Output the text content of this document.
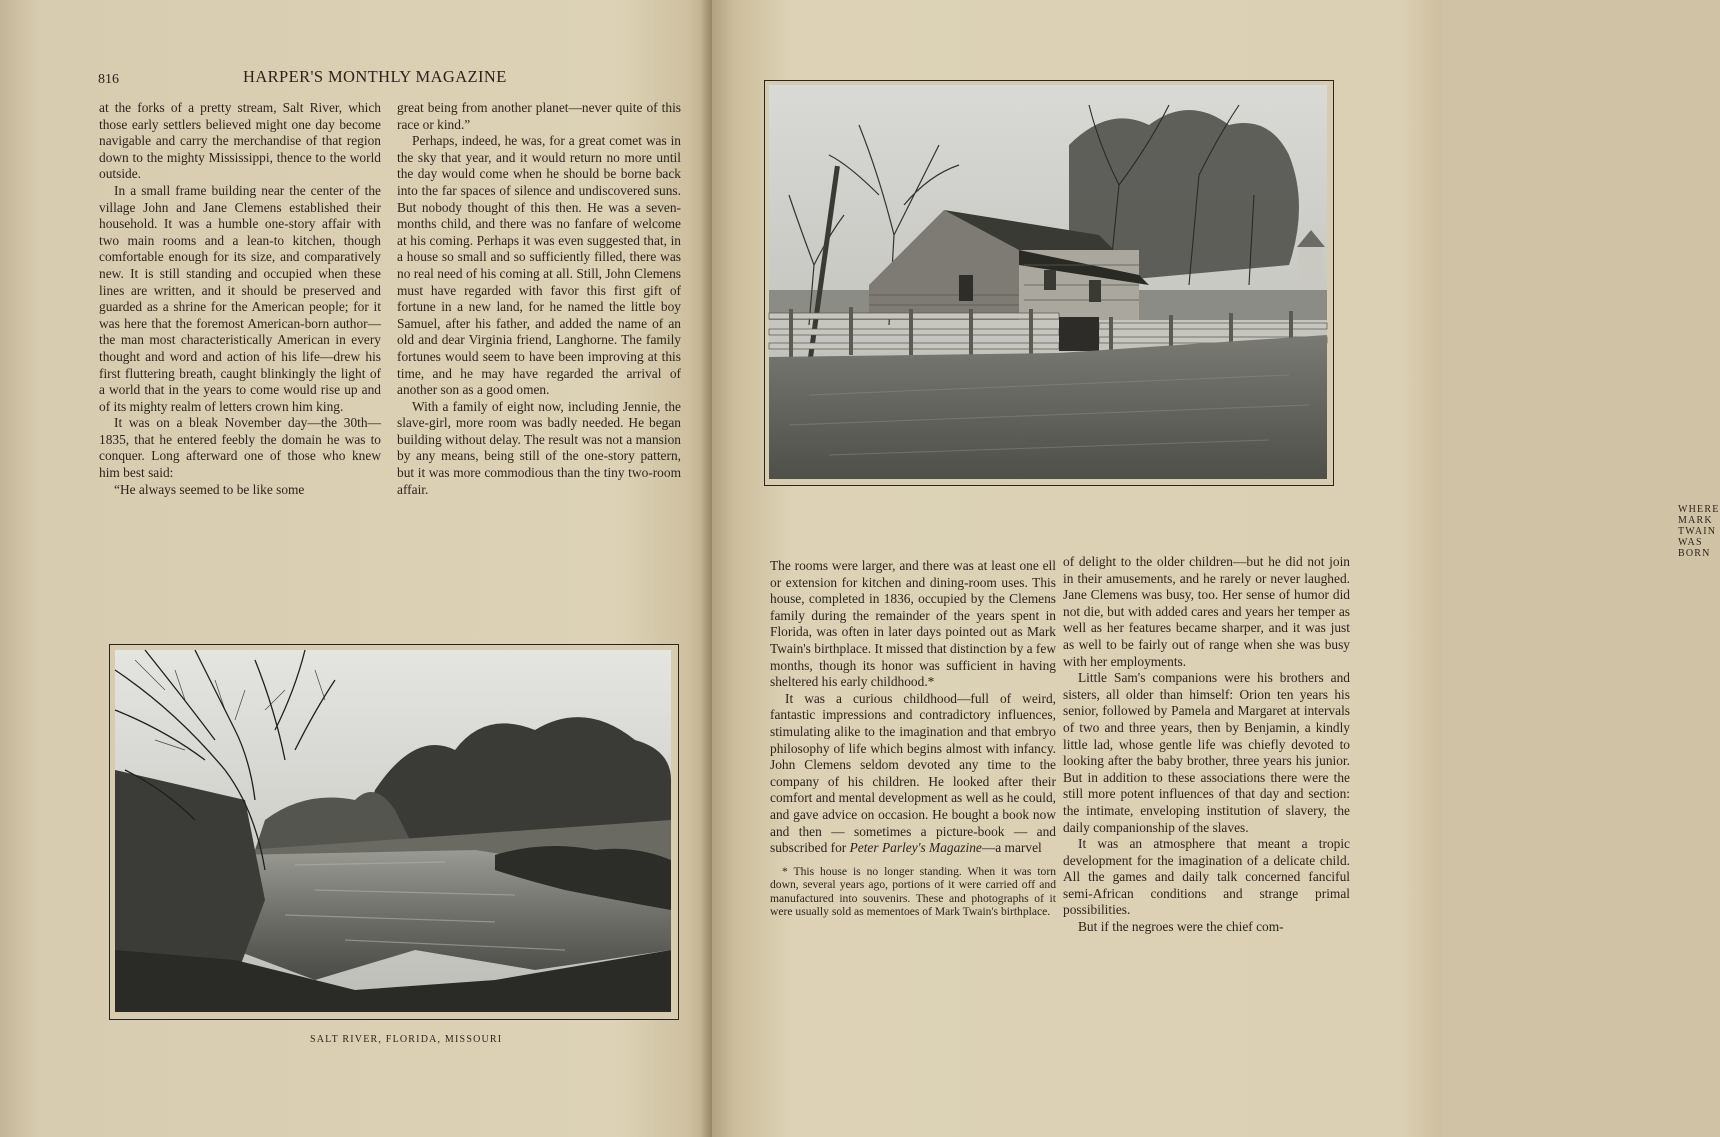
816	HARPER'S MONTHLY MAGAZINE

at the forks of a pretty stream, Salt River, which those early settlers believed might one day become navigable and carry the merchandise of that region down to the mighty Mississippi, thence to the world outside.

In a small frame building near the center of the village John and Jane Clemens established their household. It was a humble one-story affair with two main rooms and a lean-to kitchen, though comfortable enough for its size, and comparatively new. It is still standing and occupied when these lines are written, and it should be preserved and guarded as a shrine for the American people; for it was here that the foremost American-born author—the man most characteristically American in every thought and word and action of his life—drew his first fluttering breath, caught blinkingly the light of a world that in the years to come would rise up and of its mighty realm of letters crown him king.

It was on a bleak November day—the 30th—1835, that he entered feebly the domain he was to conquer. Long afterward one of those who knew him best said:

“He always seemed to be like some

great being from another planet—never quite of this race or kind.”

Perhaps, indeed, he was, for a great comet was in the sky that year, and it would return no more until the day would come when he should be borne back into the far spaces of silence and undiscovered suns. But nobody thought of this then. He was a seven-months child, and there was no fanfare of welcome at his coming. Perhaps it was even suggested that, in a house so small and so sufficiently filled, there was no real need of his coming at all. Still, John Clemens must have regarded with favor this first gift of fortune in a new land, for he named the little boy Samuel, after his father, and added the name of an old and dear Virginia friend, Langhorne. The family fortunes would seem to have been improving at this time, and he may have regarded the arrival of another son as a good omen.

With a family of eight now, including Jennie, the slave-girl, more room was badly needed. He began building without delay. The result was not a mansion by any means, being still of the one-story pattern, but it was more commodious than the tiny two-room affair.

SALT RIVER, FLORIDA, MISSOURI
WHERE MARK TWAIN WAS BORN

The rooms were larger, and there was at least one ell or extension for kitchen and dining-room uses. This house, completed in 1836, occupied by the Clemens family during the remainder of the years spent in Florida, was often in later days pointed out as Mark Twain's birthplace. It missed that distinction by a few months, though its honor was sufficient in having sheltered his early childhood.*

It was a curious childhood—full of weird, fantastic impressions and contradictory influences, stimulating alike to the imagination and that embryo philosophy of life which begins almost with infancy. John Clemens seldom devoted any time to the company of his children. He looked after their comfort and mental development as well as he could, and gave advice on occasion. He bought a book now and then — sometimes a picture-book — and subscribed for Peter Parley's Magazine—a marvel

* This house is no longer standing. When it was torn down, several years ago, portions of it were carried off and manufactured into souvenirs. These and photographs of it were usually sold as mementoes of Mark Twain's birthplace.

of delight to the older children—but he did not join in their amusements, and he rarely or never laughed. Jane Clemens was busy, too. Her sense of humor did not die, but with added cares and years her temper as well as her features became sharper, and it was just as well to be fairly out of range when she was busy with her employments.

Little Sam's companions were his brothers and sisters, all older than himself: Orion ten years his senior, followed by Pamela and Margaret at intervals of two and three years, then by Benjamin, a kindly little lad, whose gentle life was chiefly devoted to looking after the baby brother, three years his junior. But in addition to these associations there were the still more potent influences of that day and section: the intimate, enveloping institution of slavery, the daily companionship of the slaves.

It was an atmosphere that meant a tropic development for the imagination of a delicate child. All the games and daily talk concerned fanciful semi-African conditions and strange primal possibilities.

But if the negroes were the chief com-
